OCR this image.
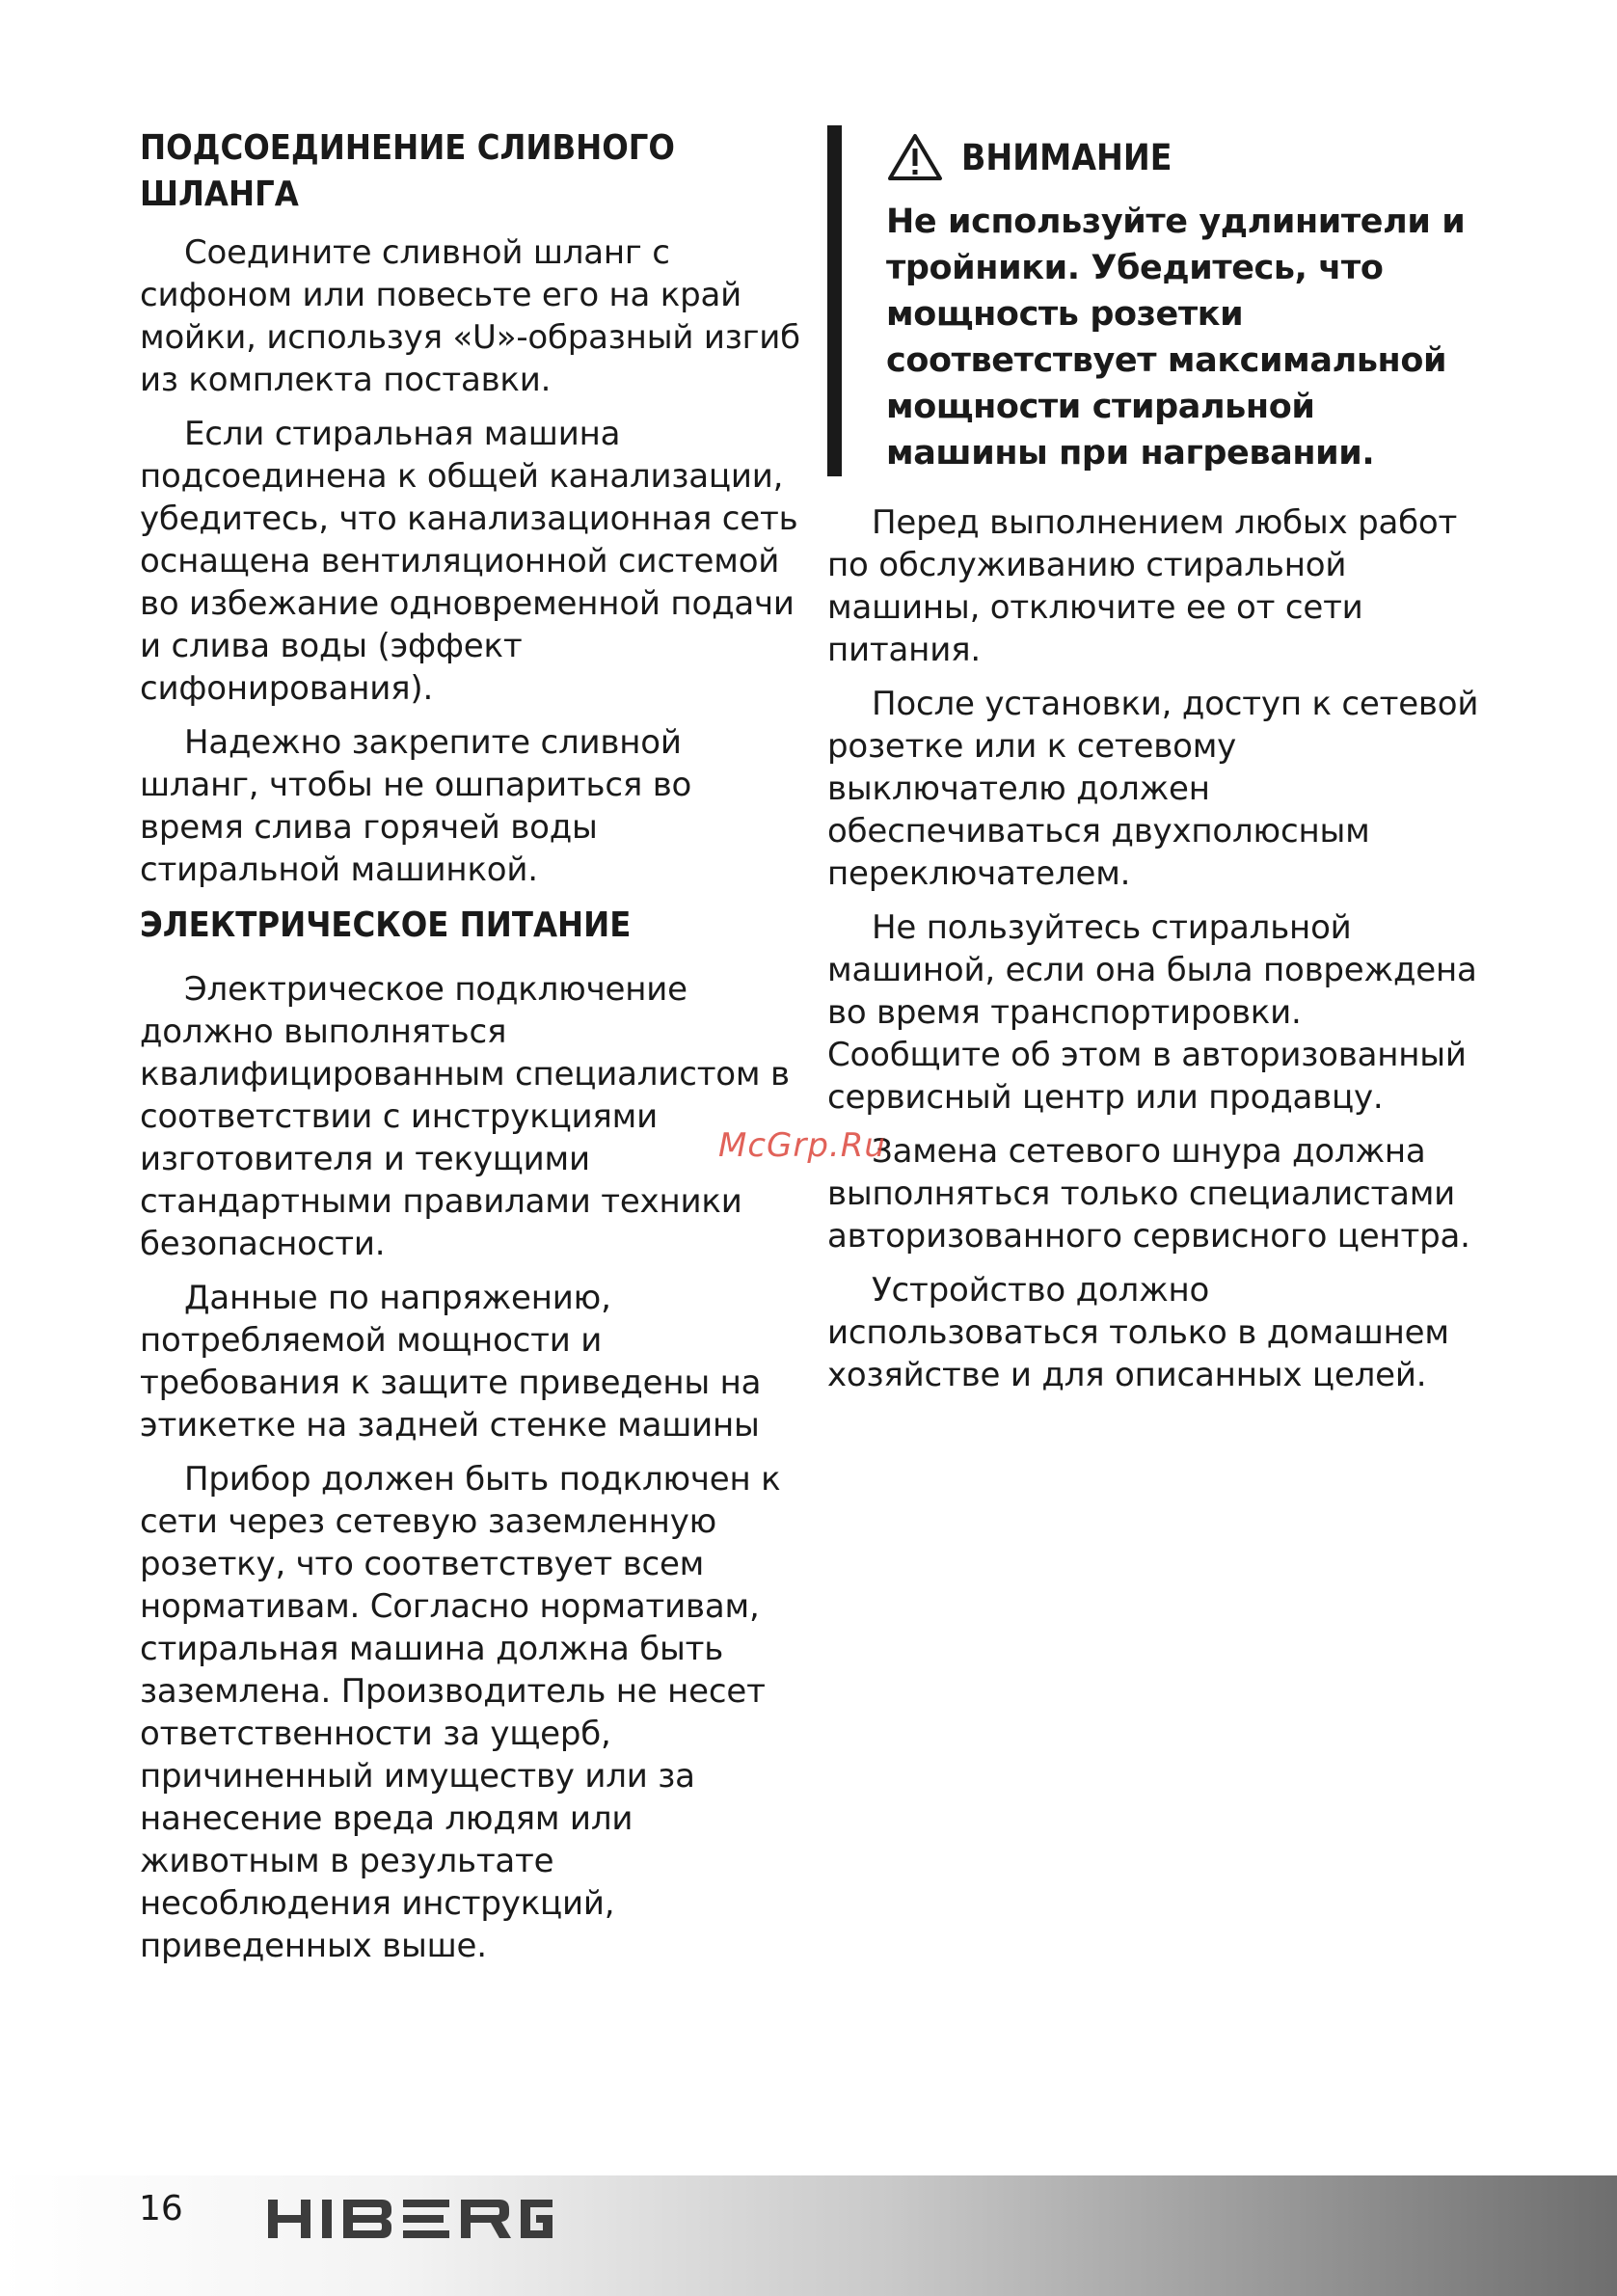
ПОДСОЕДИНЕНИЕ СЛИВНОГО ШЛАНГА

Соедините сливной шланг с сифоном или повесьте его на край мойки, используя «U»-образный изгиб из комплекта поставки.

Если стиральная машина подсоединена к общей канализации, убедитесь, что канализационная сеть оснащена вентиляционной системой во избежание одновременной подачи и слива воды (эффект сифонирования).

Надежно закрепите сливной шланг, чтобы не ошпариться во время слива горячей воды стиральной машинкой.

ЭЛЕКТРИЧЕСКОЕ ПИТАНИЕ

Электрическое подключение должно выполняться квалифицированным специалистом в соответствии с инструкциями изготовителя и текущими стандартными правилами техники безопасности.

Данные по напряжению, потребляемой мощности и требования к защите приведены на этикетке на задней стенке машины

Прибор должен быть подключен к сети через сетевую заземленную розетку, что соответствует всем нормативам. Согласно нормативам, стиральная машина должна быть заземлена. Производитель не несет ответственности за ущерб, причиненный имуществу или за нанесение вреда людям или животным в результате несоблюдения инструкций, приведенных выше.

ВНИМАНИЕ

Не используйте удлинители и тройники. Убедитесь, что мощность розетки соответствует максимальной мощности стиральной машины при нагревании.

Перед выполнением любых работ по обслуживанию стиральной машины, отключите ее от сети питания.

После установки, доступ к сетевой розетке или к сетевому выключателю должен обеспечиваться двухполюсным переключателем.

Не пользуйтесь стиральной машиной, если она была повреждена во время транспортировки. Сообщите об этом в авторизованный сервисный центр или продавцу.

Замена сетевого шнура должна выполняться только специалистами авторизованного сервисного центра.

Устройство должно использоваться только в домашнем хозяйстве и для описанных целей.

McGrp.Ru
16
